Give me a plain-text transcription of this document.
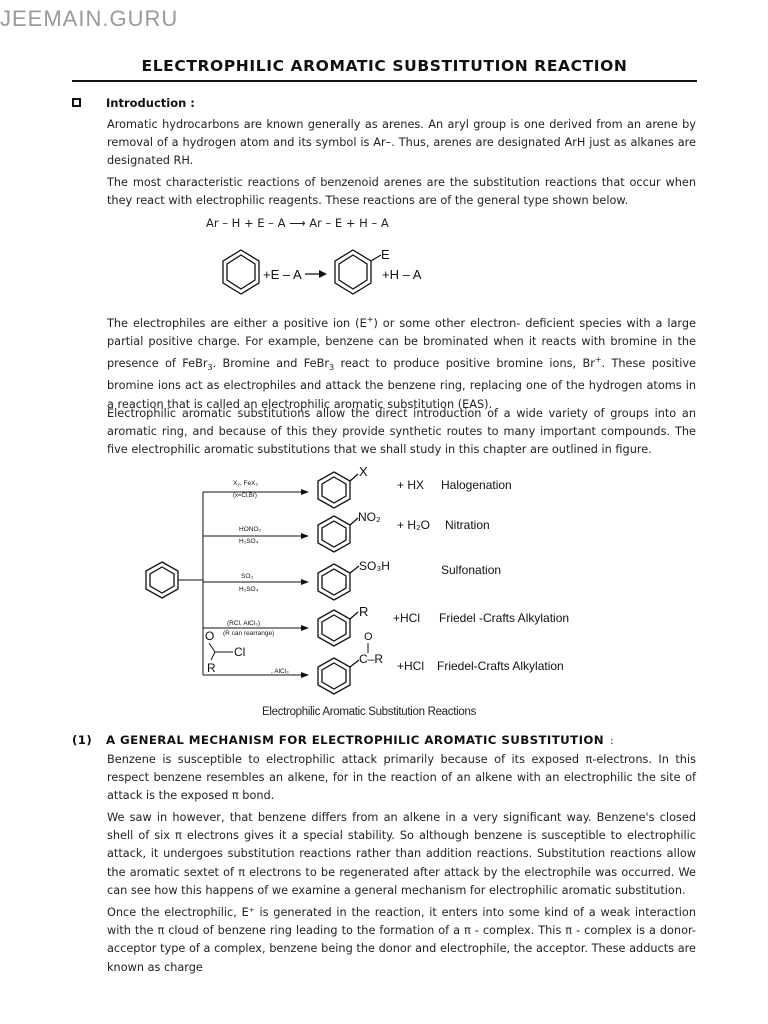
JEEMAIN.GURU
ELECTROPHILIC AROMATIC SUBSTITUTION REACTION
Introduction :

Aromatic hydrocarbons are known generally as arenes. An aryl group is one derived from an arene by removal of a hydrogen atom and its symbol is Ar–. Thus, arenes are designated ArH just as alkanes are designated RH.

The most characteristic reactions of benzenoid arenes are the substitution reactions that occur when they react with electrophilic reagents. These reactions are of the general type shown below.

Ar – H + E – A ⟶ Ar – E + H – A
+E – A
E
+H – A

The electrophiles are either a positive ion (E+) or some other electron- deficient species with a large partial positive charge. For example, benzene can be brominated when it reacts with bromine in the presence of FeBr$_3$. Bromine and FeBr$_3$ react to produce positive bromine ions, Br+. These positive bromine ions act as electrophiles and attack the benzene ring, replacing one of the hydrogen atoms in a reaction that is called an electrophilic aromatic substitution (EAS).

Electrophilic aromatic substitutions allow the direct introduction of a wide variety of groups into an aromatic ring, and because of this they provide synthetic routes to many important compounds. The five electrophilic aromatic substitutions that we shall study in this chapter are outlined in figure.

X₂, FeX₃
(x=Cl,Br)
X
+ HX Halogenation
HONO₂
H₂SO₄
NO₂
+ H₂O Nitration
SO₃
H₂SO₄
SO₃H	Sulfonation
(RCl, AlCl₃)
(R can rearrange)
R +HCl Friedel -Crafts Alkylation
O
Cl
R	, AlCl₃
O
C–R +HCl Friedel-Crafts Alkylation
Electrophilic Aromatic Substitution Reactions
(1) A GENERAL MECHANISM FOR ELECTROPHILIC AROMATIC SUBSTITUTION :

Benzene is susceptible to electrophilic attack primarily because of its exposed π-electrons. In this respect benzene resembles an alkene, for in the reaction of an alkene with an electrophilic the site of attack is the exposed π bond.

We saw in however, that benzene differs from an alkene in a very significant way. Benzene's closed shell of six π electrons gives it a special stability. So although benzene is susceptible to electrophilic attack, it undergoes substitution reactions rather than addition reactions. Substitution reactions allow the aromatic sextet of π electrons to be regenerated after attack by the electrophile was occurred. We can see how this happens of we examine a general mechanism for electrophilic aromatic substitution.

Once the electrophilic, E⁺ is generated in the reaction, it enters into some kind of a weak interaction with the π cloud of benzene ring leading to the formation of a π - complex. This π - complex is a donor-acceptor type of a complex, benzene being the donor and electrophile, the acceptor. These adducts are known as charge
